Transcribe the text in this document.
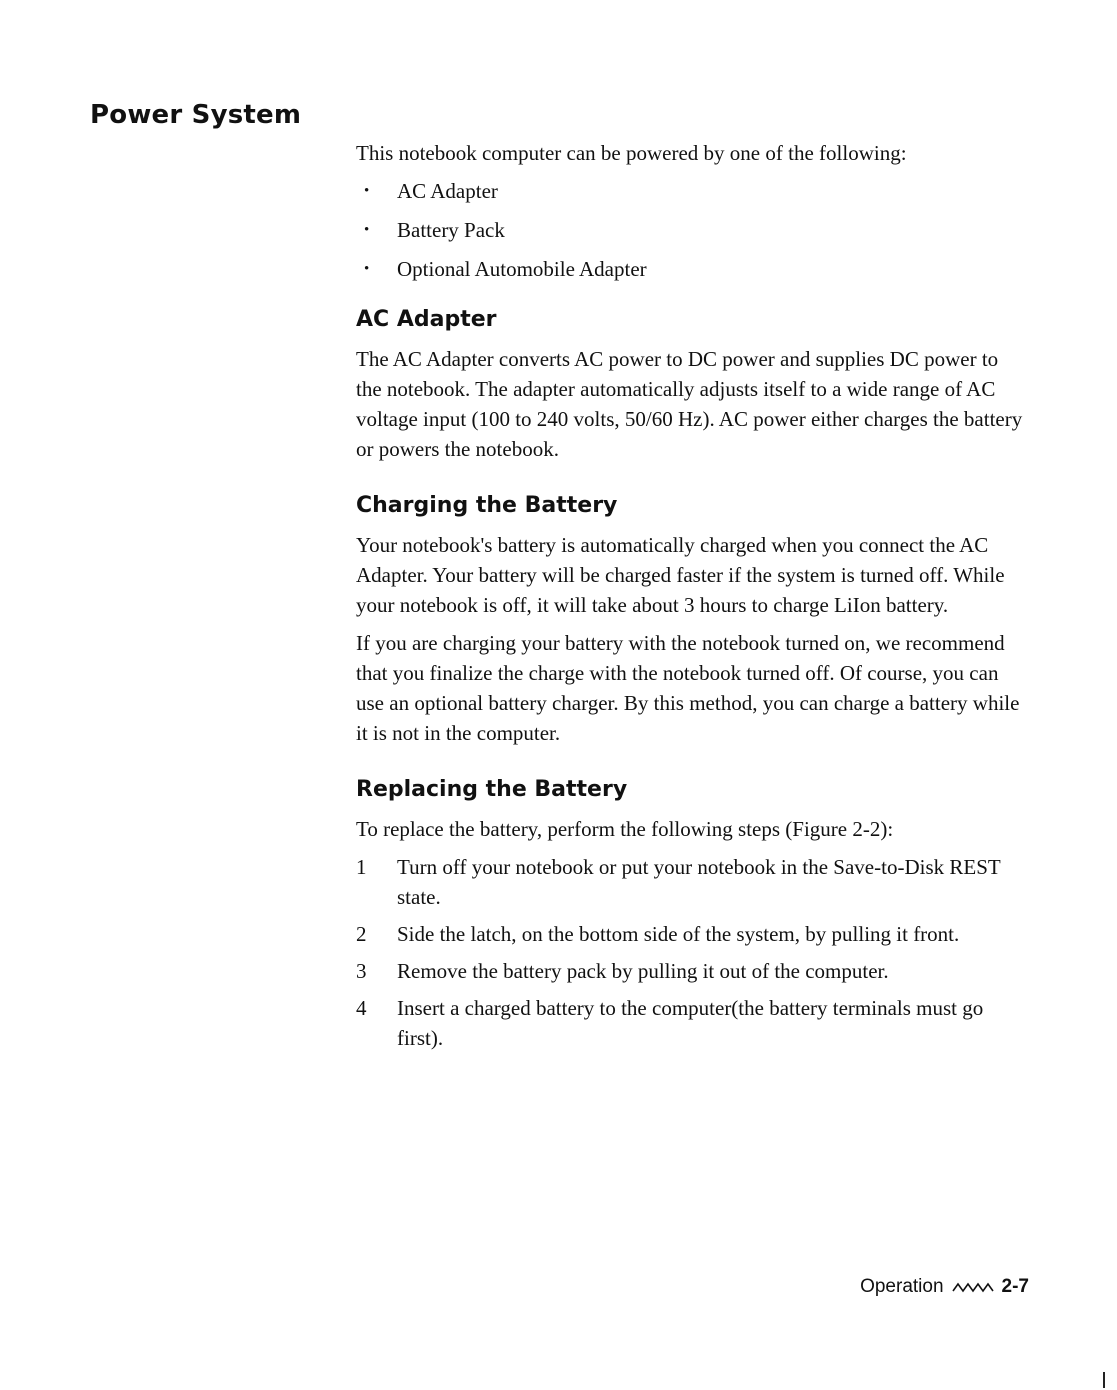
Power System

This notebook computer can be powered by one of the following:

• AC Adapter
• Battery Pack
• Optional Automobile Adapter
AC Adapter

The AC Adapter converts AC power to DC power and supplies DC power to the notebook. The adapter automatically adjusts itself to a wide range of AC voltage input (100 to 240 volts, 50/60 Hz). AC power either charges the battery or powers the notebook.

Charging the Battery

Your notebook's battery is automatically charged when you connect the AC Adapter. Your battery will be charged faster if the system is turned off. While your notebook is off, it will take about 3 hours to charge LiIon battery.

If you are charging your battery with the notebook turned on, we recommend that you finalize the charge with the notebook turned off. Of course, you can use an optional battery charger. By this method, you can charge a battery while it is not in the computer.

Replacing the Battery

To replace the battery, perform the following steps (Figure 2-2):

1 Turn off your notebook or put your notebook in the Save-to-Disk REST state.
2 Side the latch, on the bottom side of the system, by pulling it front.
3 Remove the battery pack by pulling it out of the computer.
4 Insert a charged battery to the computer(the battery terminals must go first).
Operation	2-7
